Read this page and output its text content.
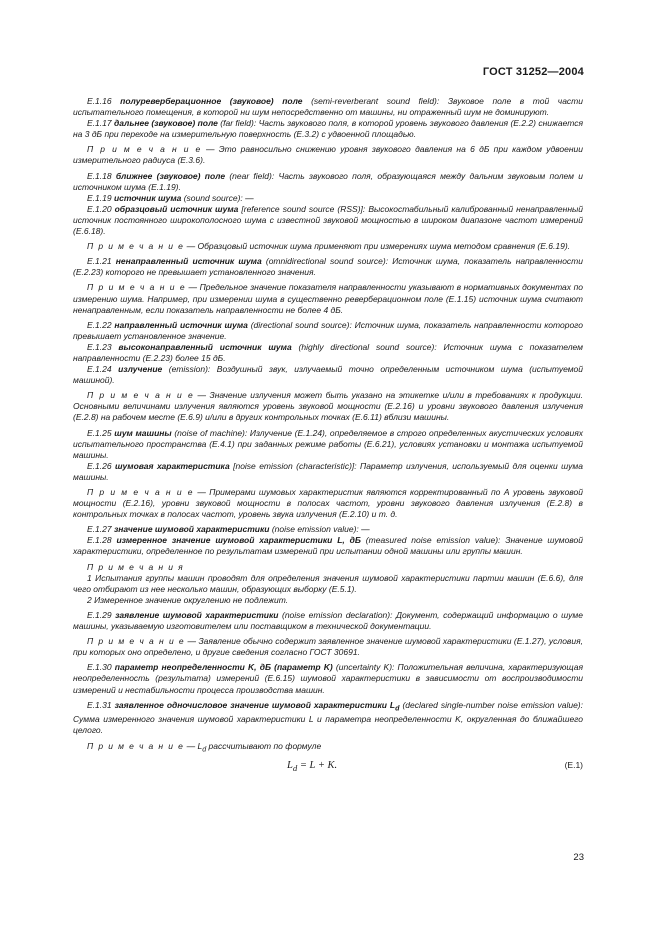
ГОСТ 31252—2004

Е.1.16 полуреверберационное (звуковое) поле (semi-reverberant sound field): Звуковое поле в той части испытательного помещения, в которой ни шум непосредственно от машины, ни отраженный шум не доминируют.

Е.1.17 дальнее (звуковое) поле (far field): Часть звукового поля, в которой уровень звукового давления (Е.2.2) снижается на 3 дБ при переходе на измерительную поверхность (Е.3.2) с удвоенной площадью.

П р и м е ч а н и е — Это равносильно снижению уровня звукового давления на 6 дБ при каждом удвоении измерительного радиуса (Е.3.6).

Е.1.18 ближнее (звуковое) поле (near field): Часть звукового поля, образующаяся между дальним звуковым полем и источником шума (Е.1.19).

Е.1.19 источник шума (sound source): —

Е.1.20 образцовый источник шума [reference sound source (RSS)]: Высокостабильный калиброванный ненаправленный источник постоянного широкополосного шума с известной звуковой мощностью в широком диапазоне частот измерений (Е.6.18).

П р и м е ч а н и е — Образцовый источник шума применяют при измерениях шума методом сравнения (Е.6.19).

Е.1.21 ненаправленный источник шума (omnidirectional sound source): Источник шума, показатель направленности (Е.2.23) которого не превышает установленного значения.

П р и м е ч а н и е — Предельное значение показателя направленности указывают в нормативных документах по измерению шума. Например, при измерении шума в существенно реверберационном поле (Е.1.15) источник шума считают ненаправленным, если показатель направленности не более 4 дБ.

Е.1.22 направленный источник шума (directional sound source): Источник шума, показатель направленности которого превышает установленное значение.

Е.1.23 высоконаправленный источник шума (highly directional sound source): Источник шума с показателем направленности (Е.2.23) более 15 дБ.

Е.1.24 излучение (emission): Воздушный звук, излучаемый точно определенным источником шума (испытуемой машиной).

П р и м е ч а н и е — Значение излучения может быть указано на этикетке и/или в требованиях к продукции. Основными величинами излучения являются уровень звуковой мощности (Е.2.16) и уровни звукового давления излучения (Е.2.8) на рабочем месте (Е.6.9) и/или в других контрольных точках (Е.6.11) вблизи машины.

Е.1.25 шум машины (noise of machine): Излучение (Е.1.24), определяемое в строго определенных акустических условиях испытательного пространства (Е.4.1) при заданных режиме работы (Е.6.21), условиях установки и монтажа испытуемой машины.

Е.1.26 шумовая характеристика [noise emission (characteristic)]: Параметр излучения, используемый для оценки шума машины.

П р и м е ч а н и е — Примерами шумовых характеристик являются корректированный по А уровень звуковой мощности (Е.2.16), уровни звуковой мощности в полосах частот, уровни звукового давления излучения (Е.2.8) в контрольных точках в полосах частот, уровень звука излучения (Е.2.10) и т. д.

Е.1.27 значение шумовой характеристики (noise emission value): —

Е.1.28 измеренное значение шумовой характеристики L, дБ (measured noise emission value): Значение шумовой характеристики, определенное по результатам измерений при испытании одной машины или группы машин.

П р и м е ч а н и я

1 Испытания группы машин проводят для определения значения шумовой характеристики партии машин (Е.6.6), для чего отбирают из нее несколько машин, образующих выборку (Е.5.1).

2 Измеренное значение округлению не подлежит.

Е.1.29 заявление шумовой характеристики (noise emission declaration): Документ, содержащий информацию о шуме машины, указываемую изготовителем или поставщиком в технической документации.

П р и м е ч а н и е — Заявление обычно содержит заявленное значение шумовой характеристики (Е.1.27), условия, при которых оно определено, и другие сведения согласно ГОСТ 30691.

Е.1.30 параметр неопределенности K, дБ (параметр K) (uncertainty K): Положительная величина, характеризующая неопределенность (результата) измерений (Е.6.15) шумовой характеристики в зависимости от воспроизводимости измерений и нестабильности процесса производства машин.

Е.1.31 заявленное одночисловое значение шумовой характеристики $L_d$ (declared single-number noise emission value): Сумма измеренного значения шумовой характеристики L и параметра неопределенности K, округленная до ближайшего целого.

П р и м е ч а н и е — $L_d$ рассчитывают по формуле

$L_d = L + K$.	(Е.1)
23
